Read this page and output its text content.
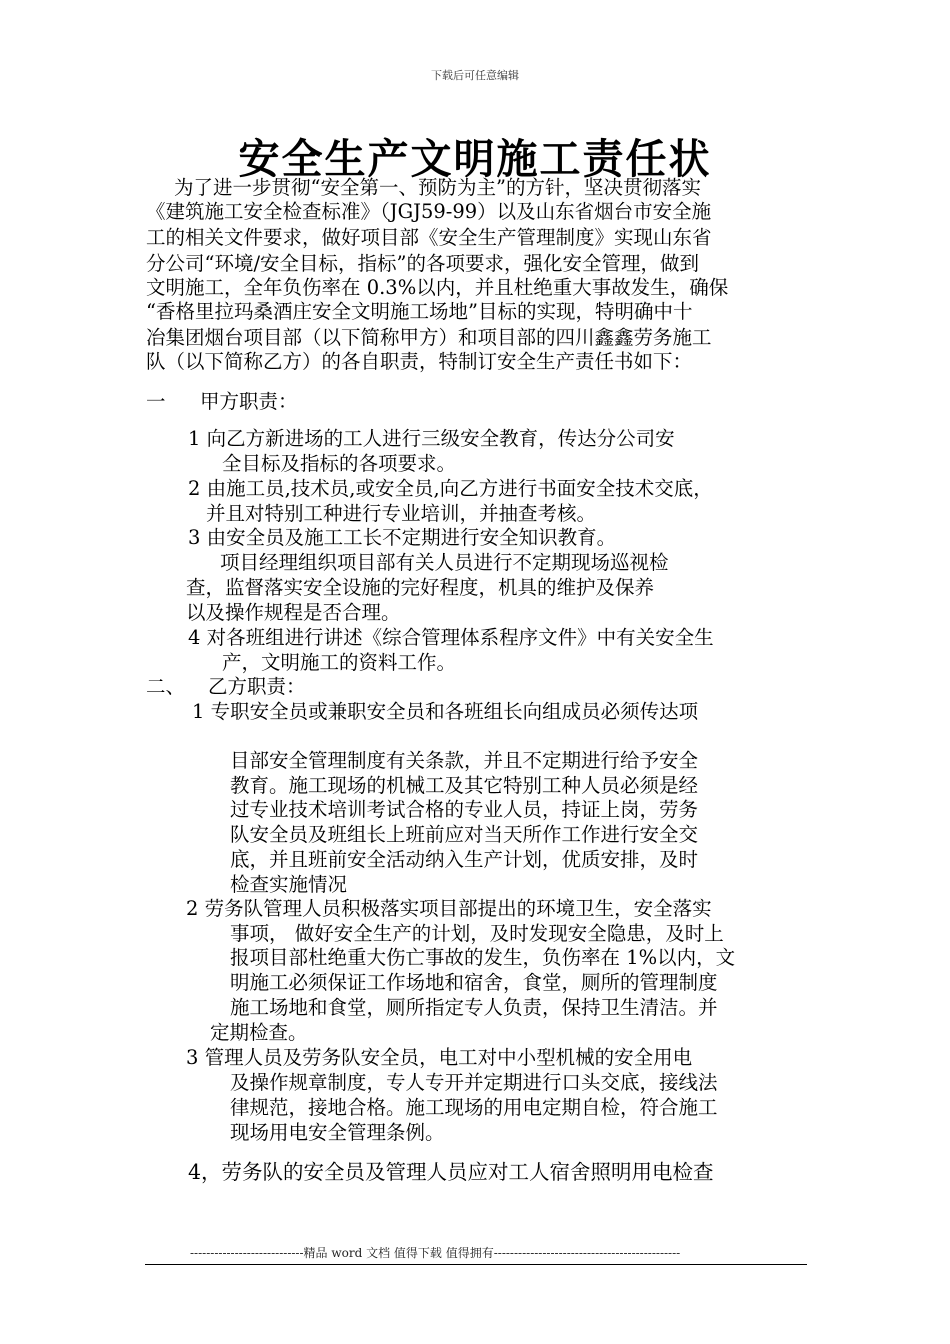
下载后可任意编辑
安全生产文明施工责任状
为了进一步贯彻“安全第一、预防为主”的方针，坚决贯彻落实
《建筑施工安全检查标准》（JGJ59-99）以及山东省烟台市安全施
工的相关文件要求，做好项目部《安全生产管理制度》实现山东省
分公司“环境/安全目标，指标”的各项要求，强化安全管理，做到
文明施工，全年负伤率在 0.3%以内，并且杜绝重大事故发生，确保
“香格里拉玛桑酒庄安全文明施工场地”目标的实现，特明确中十
冶集团烟台项目部（以下简称甲方）和项目部的四川鑫鑫劳务施工
队（以下简称乙方）的各自职责，特制订安全生产责任书如下：
一 甲方职责：
1 向乙方新进场的工人进行三级安全教育，传达分公司安
全目标及指标的各项要求。
2 由施工员,技术员,或安全员,向乙方进行书面安全技术交底，
并且对特别工种进行专业培训，并抽查考核。
3 由安全员及施工工长不定期进行安全知识教育。
项目经理组织项目部有关人员进行不定期现场巡视检
查，监督落实安全设施的完好程度，机具的维护及保养
以及操作规程是否合理。
4 对各班组进行讲述《综合管理体系程序文件》中有关安全生
产，文明施工的资料工作。
二、 乙方职责：
1 专职安全员或兼职安全员和各班组长向组成员必须传达项
目部安全管理制度有关条款，并且不定期进行给予安全
教育。施工现场的机械工及其它特别工种人员必须是经
过专业技术培训考试合格的专业人员，持证上岗，劳务
队安全员及班组长上班前应对当天所作工作进行安全交
底，并且班前安全活动纳入生产计划，优质安排，及时
检查实施情况
2 劳务队管理人员积极落实项目部提出的环境卫生，安全落实
事项， 做好安全生产的计划，及时发现安全隐患，及时上
报项目部杜绝重大伤亡事故的发生，负伤率在 1%以内，文
明施工必须保证工作场地和宿舍，食堂，厕所的管理制度
施工场地和食堂，厕所指定专人负责，保持卫生清洁。并
定期检查。
3 管理人员及劳务队安全员，电工对中小型机械的安全用电
及操作规章制度，专人专开并定期进行口头交底，接线法
律规范，接地合格。施工现场的用电定期自检，符合施工
现场用电安全管理条例。
4，劳务队的安全员及管理人员应对工人宿舍照明用电检查
----------------------------精品 word 文档 值得下载 值得拥有----------------------------------------------
